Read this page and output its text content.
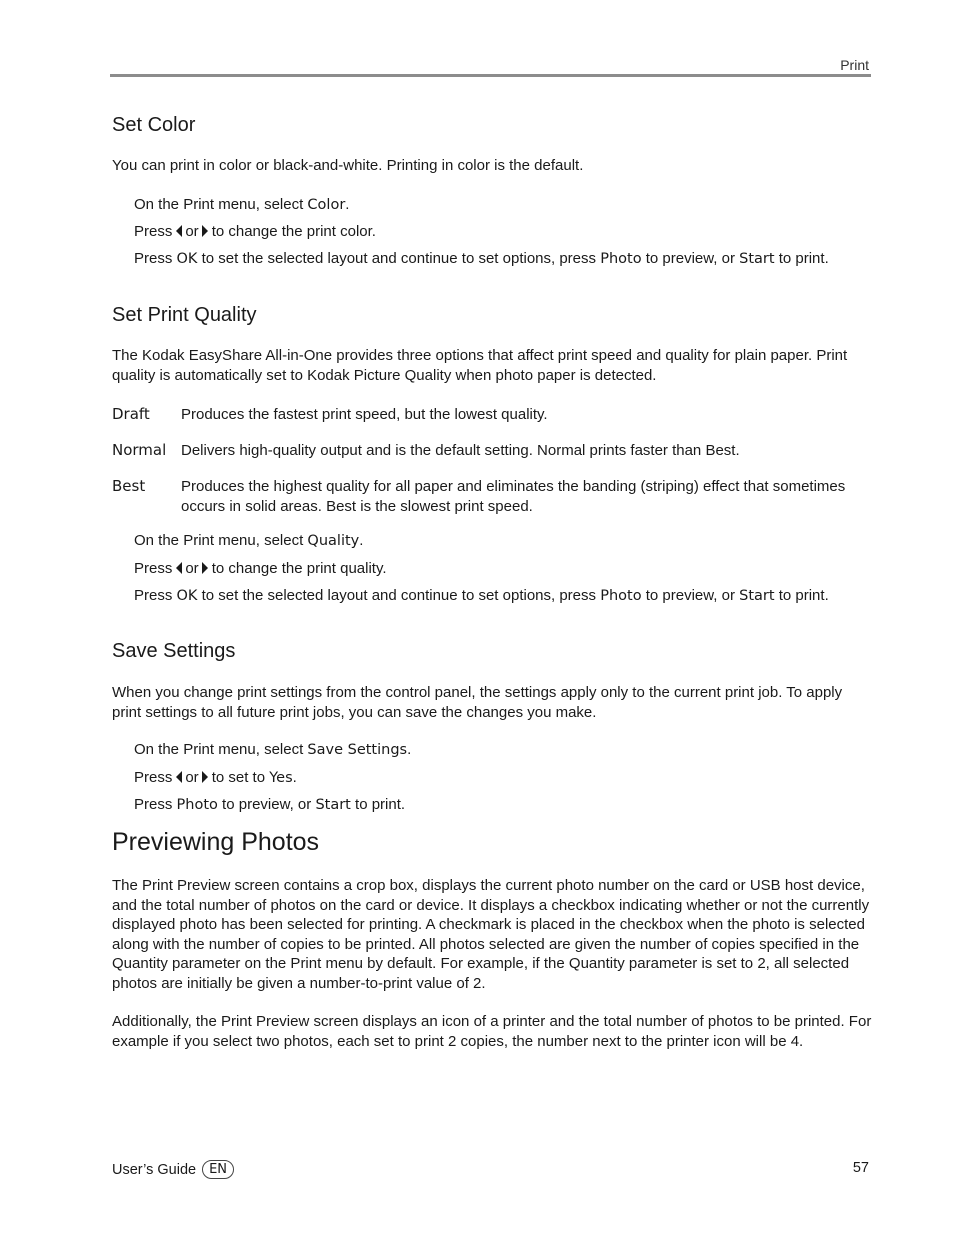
Print
Set Color

You can print in color or black-and-white. Printing in color is the default.

On the Print menu, select Color.

Press or to change the print color.

Press OK to set the selected layout and continue to set options, press Photo to preview, or Start to print.

Set Print Quality

The Kodak EasyShare All-in-One provides three options that affect print speed and quality for plain paper. Print quality is automatically set to Kodak Picture Quality when photo paper is detected.

Draft Produces the fastest print speed, but the lowest quality.

Normal Delivers high-quality output and is the default setting. Normal prints faster than Best.

Best Produces the highest quality for all paper and eliminates the banding (striping) effect that sometimes occurs in solid areas. Best is the slowest print speed.

On the Print menu, select Quality.

Press or to change the print quality.

Press OK to set the selected layout and continue to set options, press Photo to preview, or Start to print.

Save Settings

When you change print settings from the control panel, the settings apply only to the current print job. To apply print settings to all future print jobs, you can save the changes you make.

On the Print menu, select Save Settings.

Press or to set to Yes.

Press Photo to preview, or Start to print.

Previewing Photos

The Print Preview screen contains a crop box, displays the current photo number on the card or USB host device, and the total number of photos on the card or device. It displays a checkbox indicating whether or not the currently displayed photo has been selected for printing. A checkmark is placed in the checkbox when the photo is selected along with the number of copies to be printed. All photos selected are given the number of copies specified in the Quantity parameter on the Print menu by default. For example, if the Quantity parameter is set to 2, all selected photos are initially be given a number-to-print value of 2.

Additionally, the Print Preview screen displays an icon of a printer and the total number of photos to be printed. For example if you select two photos, each set to print 2 copies, the number next to the printer icon will be 4.

User’s Guide	EN	57
